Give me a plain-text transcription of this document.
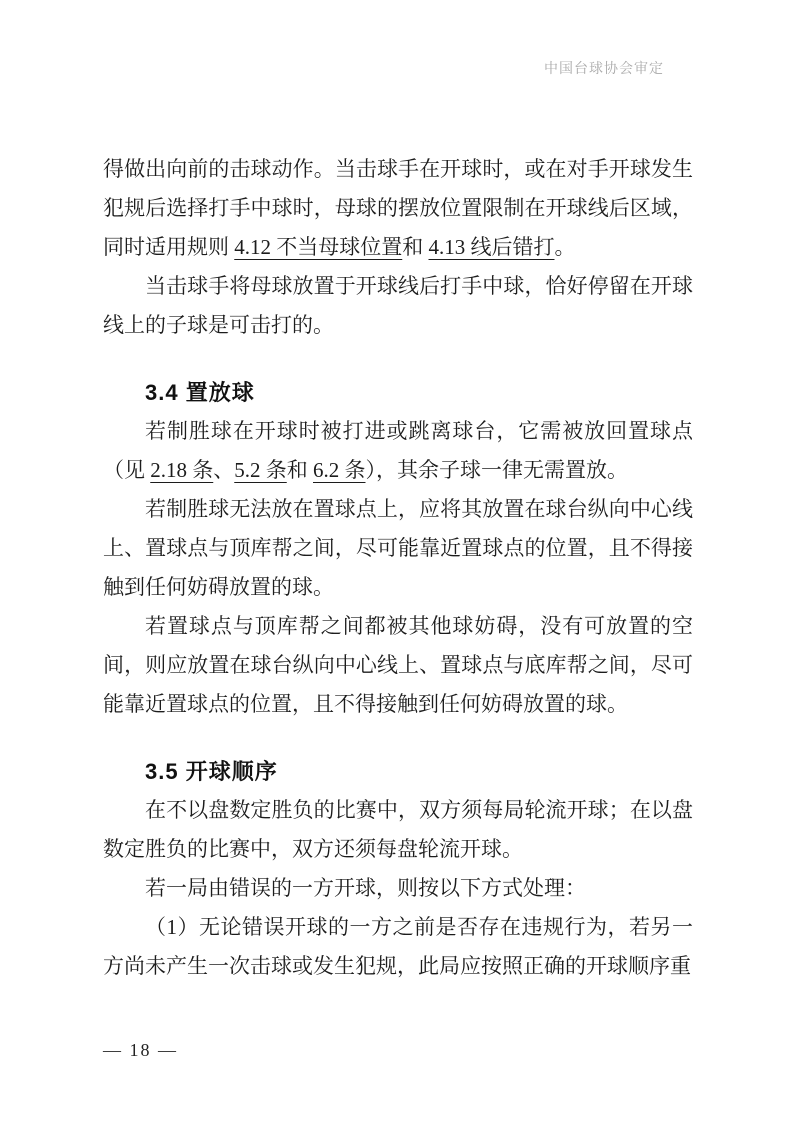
中国台球协会审定

得做出向前的击球动作。当击球手在开球时，或在对手开球发生犯规后选择打手中球时，母球的摆放位置限制在开球线后区域，同时适用规则 4.12 不当母球位置和 4.13 线后错打。

当击球手将母球放置于开球线后打手中球，恰好停留在开球线上的子球是可击打的。

3.4 置放球

若制胜球在开球时被打进或跳离球台，它需被放回置球点（见 2.18 条、5.2 条和 6.2 条），其余子球一律无需置放。

若制胜球无法放在置球点上，应将其放置在球台纵向中心线上、置球点与顶库帮之间，尽可能靠近置球点的位置，且不得接触到任何妨碍放置的球。

若置球点与顶库帮之间都被其他球妨碍，没有可放置的空间，则应放置在球台纵向中心线上、置球点与底库帮之间，尽可能靠近置球点的位置，且不得接触到任何妨碍放置的球。

3.5 开球顺序

在不以盘数定胜负的比赛中，双方须每局轮流开球；在以盘数定胜负的比赛中，双方还须每盘轮流开球。

若一局由错误的一方开球，则按以下方式处理：

（1）无论错误开球的一方之前是否存在违规行为，若另一方尚未产生一次击球或发生犯规，此局应按照正确的开球顺序重

— 18 —
